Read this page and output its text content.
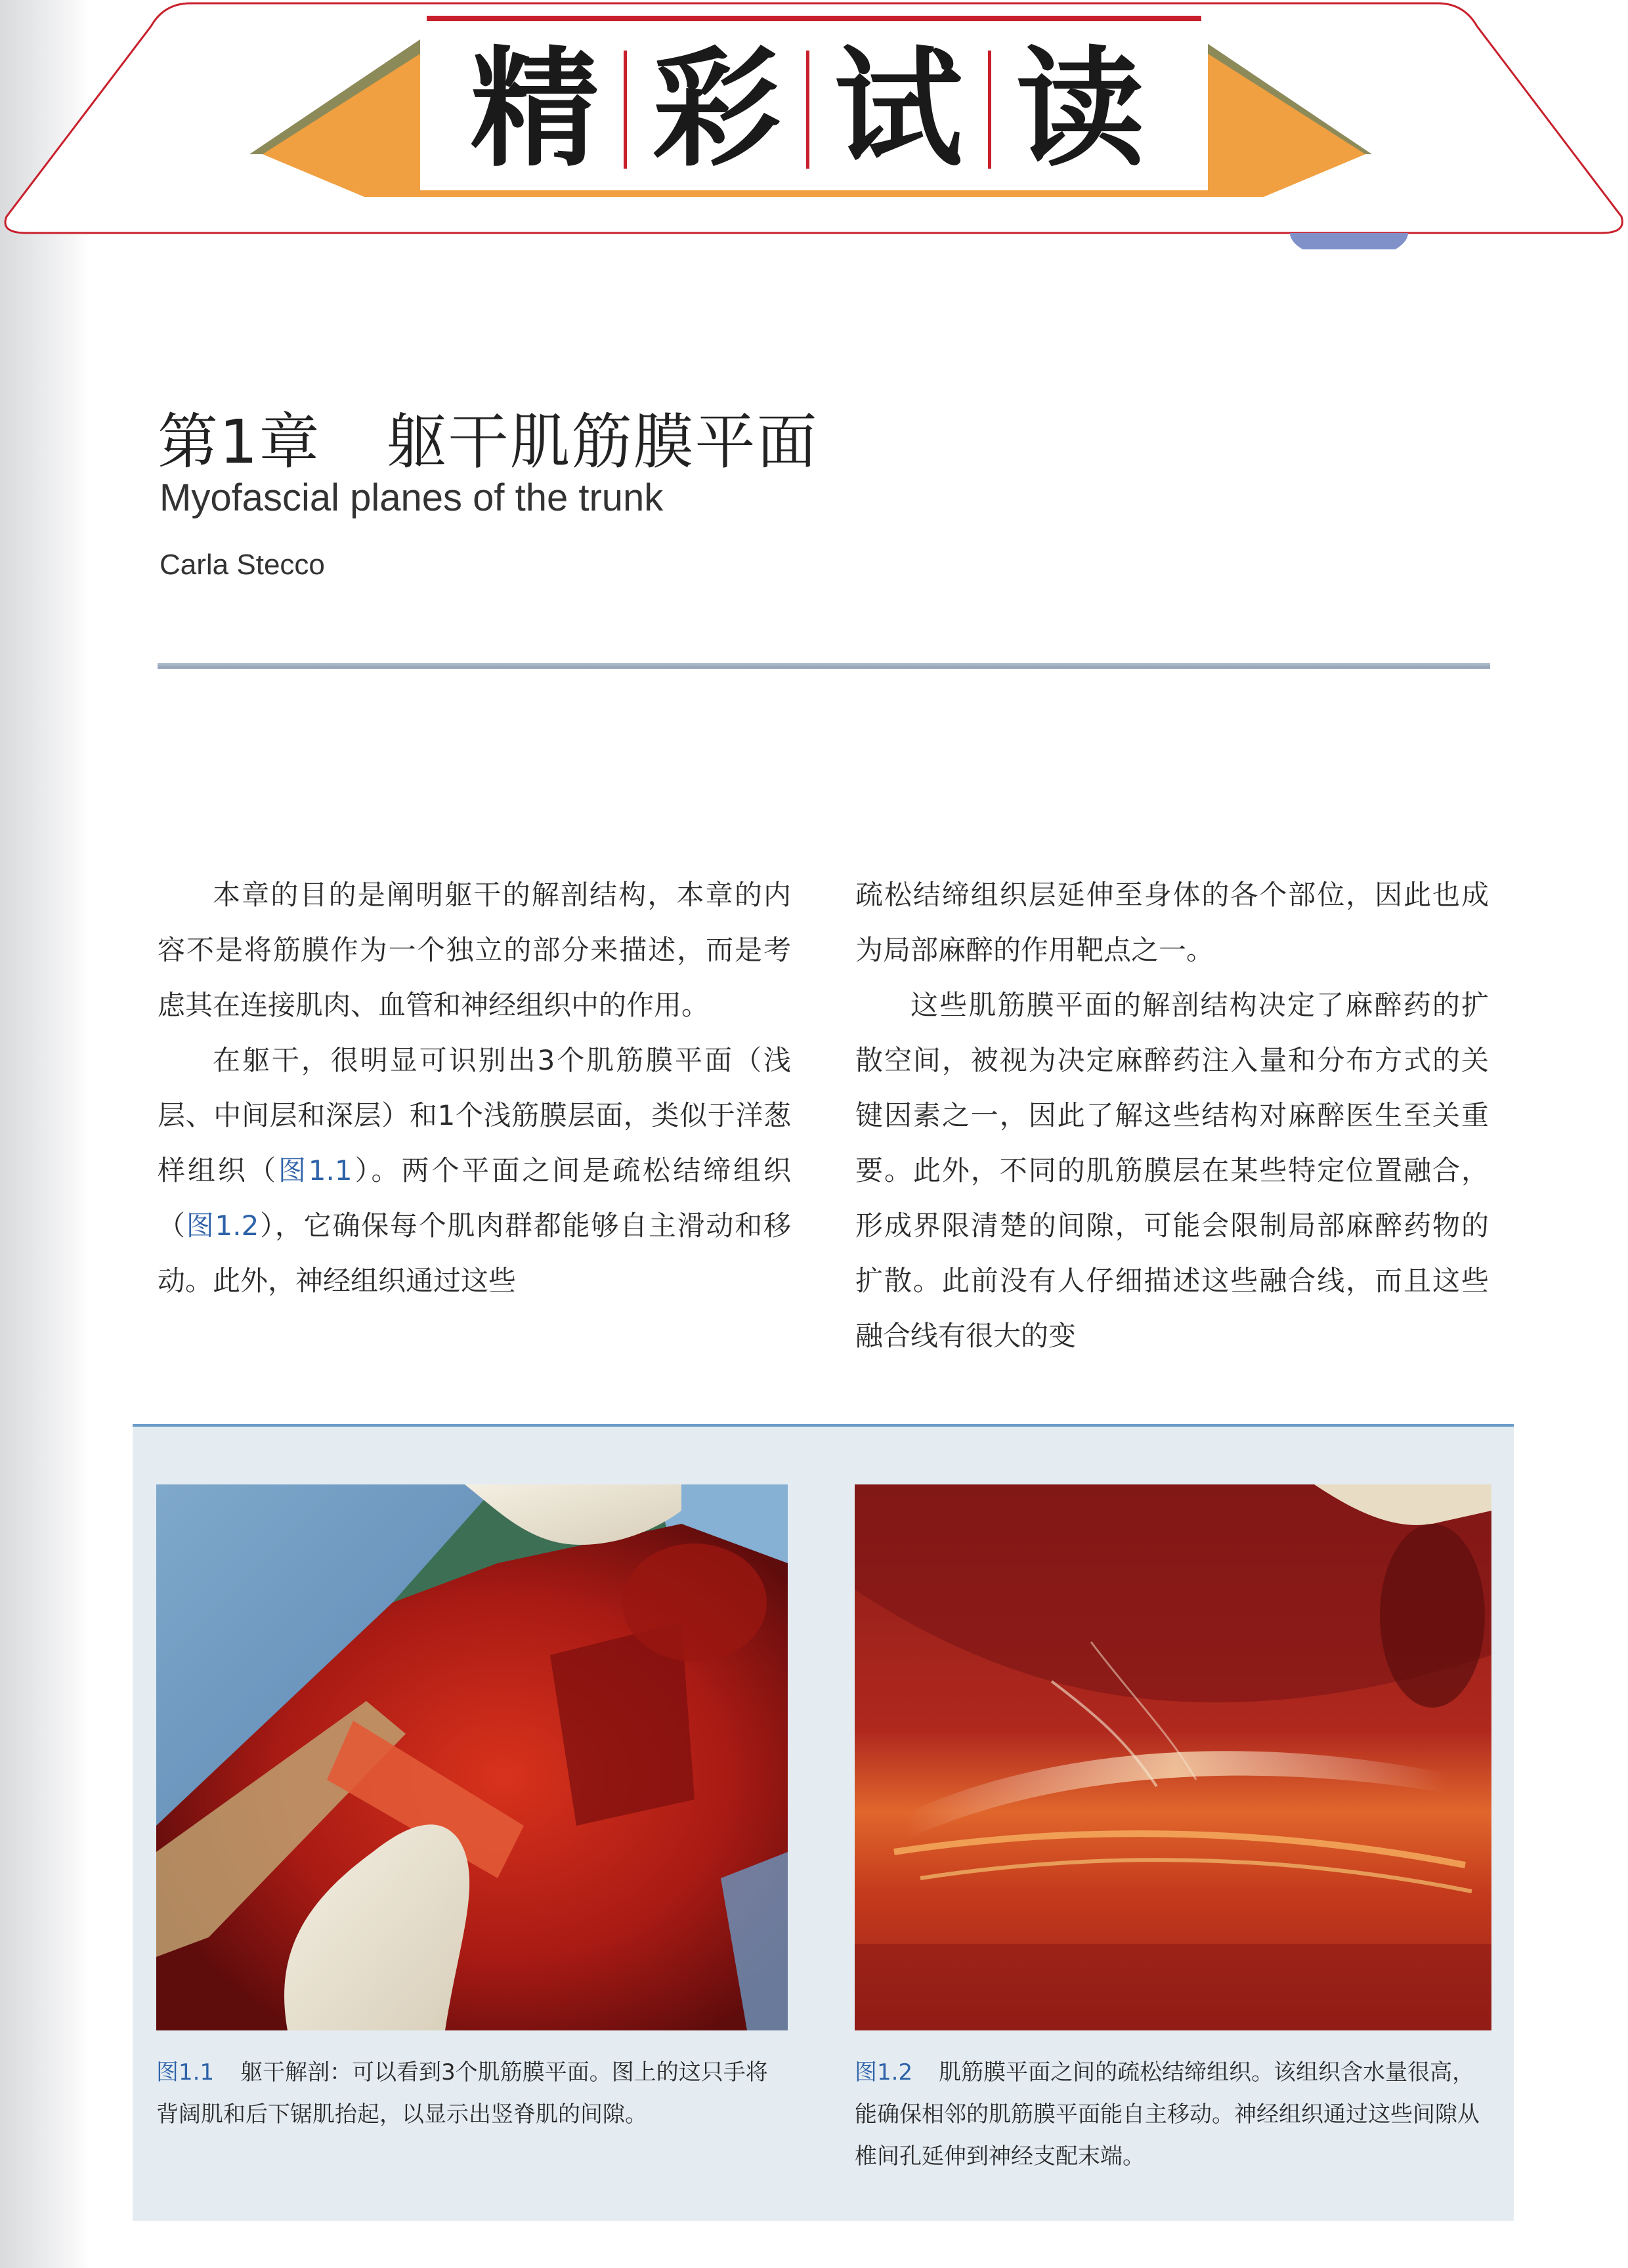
精 彩 试 读
第1章 躯干肌筋膜平面
Myofascial planes of the trunk
Carla Stecco

本章的目的是阐明躯干的解剖结构，本章的内容不是将筋膜作为一个独立的部分来描述，而是考虑其在连接肌肉、血管和神经组织中的作用。

在躯干，很明显可识别出3个肌筋膜平面（浅层、中间层和深层）和1个浅筋膜层面，类似于洋葱样组织（图1.1）。两个平面之间是疏松结缔组织（图1.2），它确保每个肌肉群都能够自主滑动和移动。此外，神经组织通过这些

疏松结缔组织层延伸至身体的各个部位，因此也成为局部麻醉的作用靶点之一。

这些肌筋膜平面的解剖结构决定了麻醉药的扩散空间，被视为决定麻醉药注入量和分布方式的关键因素之一，因此了解这些结构对麻醉医生至关重要。此外，不同的肌筋膜层在某些特定位置融合，形成界限清楚的间隙，可能会限制局部麻醉药物的扩散。此前没有人仔细描述这些融合线，而且这些融合线有很大的变

图1.1 躯干解剖：可以看到3个肌筋膜平面。图上的这只手将背阔肌和后下锯肌抬起，以显示出竖脊肌的间隙。
图1.2 肌筋膜平面之间的疏松结缔组织。该组织含水量很高，能确保相邻的肌筋膜平面能自主移动。神经组织通过这些间隙从椎间孔延伸到神经支配末端。
